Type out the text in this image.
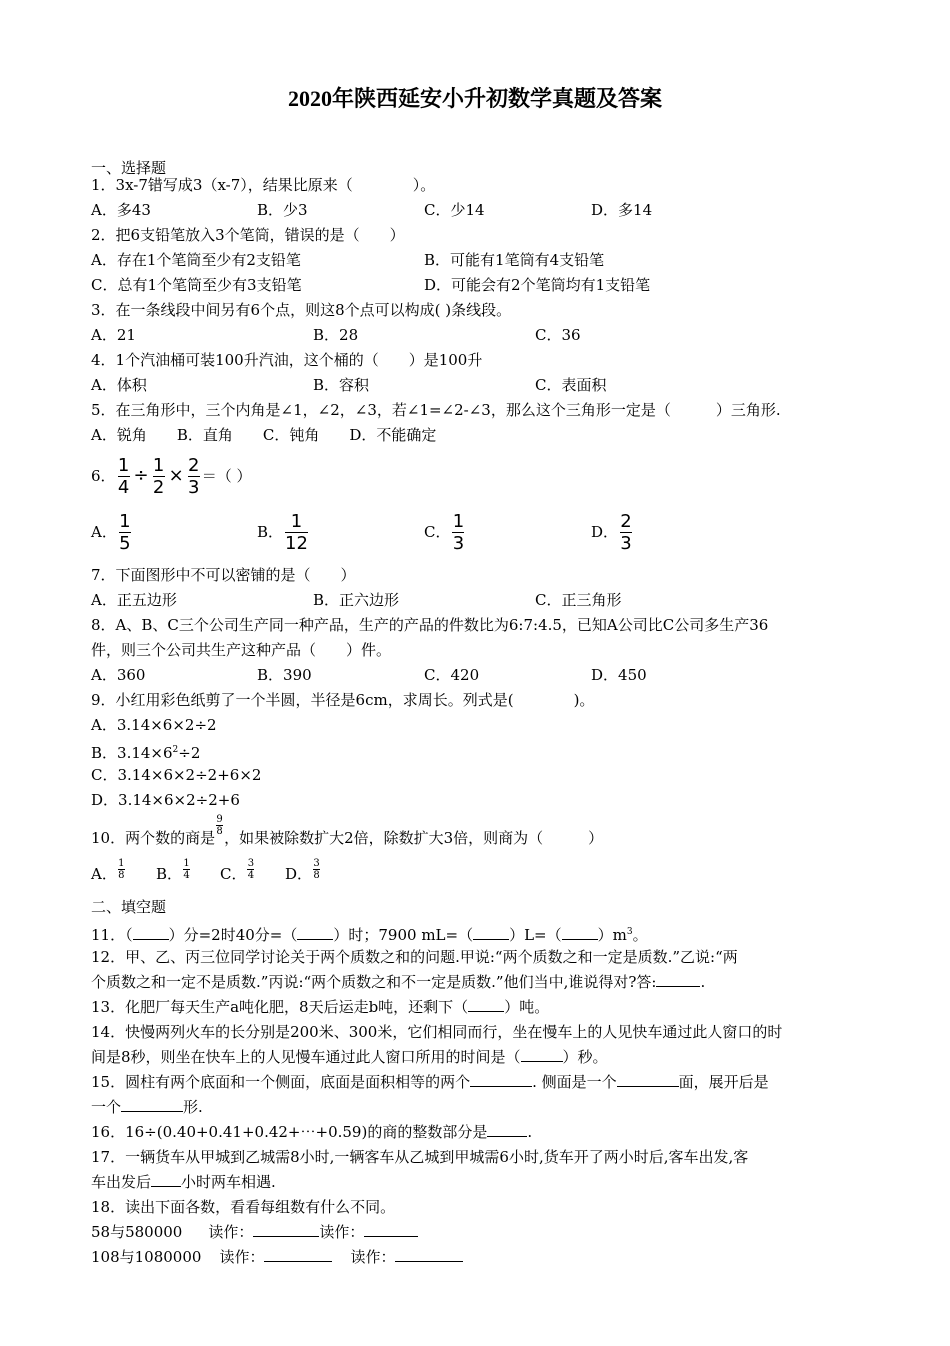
2020年陕西延安小升初数学真题及答案
一、选择题
1．3x-7错写成3（x-7），结果比原来（　　　　）。
A．多43	B．少3	C．少14	D．多14
2．把6支铅笔放入3个笔筒，错误的是（　　）
A．存在1个笔筒至少有2支铅笔	B．可能有1笔筒有4支铅笔
C．总有1个笔筒至少有3支铅笔	D．可能会有2个笔筒均有1支铅笔
3．在一条线段中间另有6个点，则这8个点可以构成( )条线段。
A．21	B．28	C．36
4．1个汽油桶可装100升汽油，这个桶的（　　）是100升
A．体积	B．容积	C．表面积
5．在三角形中，三个内角是∠1，∠2，∠3，若∠1=∠2-∠3，那么这个三角形一定是（　　　）三角形.
A．锐角　　B．直角　　C．钝角　　D．不能确定
6． $\frac{1}{4} \div \frac{1}{2} \times \frac{2}{3}$ ＝（ ）
A． $\frac{1}{5}$	B． $\frac{1}{12}$	C． $\frac{1}{3}$	D． $\frac{2}{3}$
7．下面图形中不可以密铺的是（　　）
A．正五边形	B．正六边形	C．正三角形
8．A、B、C三个公司生产同一种产品，生产的产品的件数比为6:7:4.5，已知A公司比C公司多生产36
件，则三个公司共生产这种产品（　　）件。
A．360	B．390	C．420	D．450
9．小红用彩色纸剪了一个半圆，半径是6cm，求周长。列式是(　　　　)。
A．3.14×6×2÷2
B．$3.14\times 6^2\div 2$
C．3.14×6×2÷2+6×2
D．3.14×6×2÷2+6
10．两个数的商是
$\frac{9}{8}$
，如果被除数扩大2倍，除数扩大3倍，则商为（　　　）
A． $\frac{1}{8}$ B． $\frac{1}{4}$ C． $\frac{3}{4}$ D． $\frac{3}{8}$
二、填空题
11．（ ）分=2时40分=（ ）时；7900 mL=（ ）L=（ ）$m^3$。
12．甲、乙、丙三位同学讨论关于两个质数之和的问题.甲说:“两个质数之和一定是质数.”乙说:“两
个质数之和一定不是质数.”丙说:“两个质数之和不一定是质数.”他们当中,谁说得对?答:	.
13．化肥厂每天生产a吨化肥，8天后运走b吨，还剩下（ ）吨。
14．快慢两列火车的长分别是200米、300米，它们相同而行，坐在慢车上的人见快车通过此人窗口的时
间是8秒，则坐在快车上的人见慢车通过此人窗口所用的时间是（	）秒。
15．圆柱有两个底面和一个侧面，底面是面积相等的两个	. 侧面是一个	面，展开后是
一个	形.
16．16÷(0.40+0.41+0.42+⋯+0.59)的商的整数部分是	.
17．一辆货车从甲城到乙城需8小时,一辆客车从乙城到甲城需6小时,货车开了两小时后,客车出发,客
车出发后 小时两车相遇.
18．读出下面各数，看看每组数有什么不同。
58与580000 读作：	读作：
108与1080000 读作：	读作：
